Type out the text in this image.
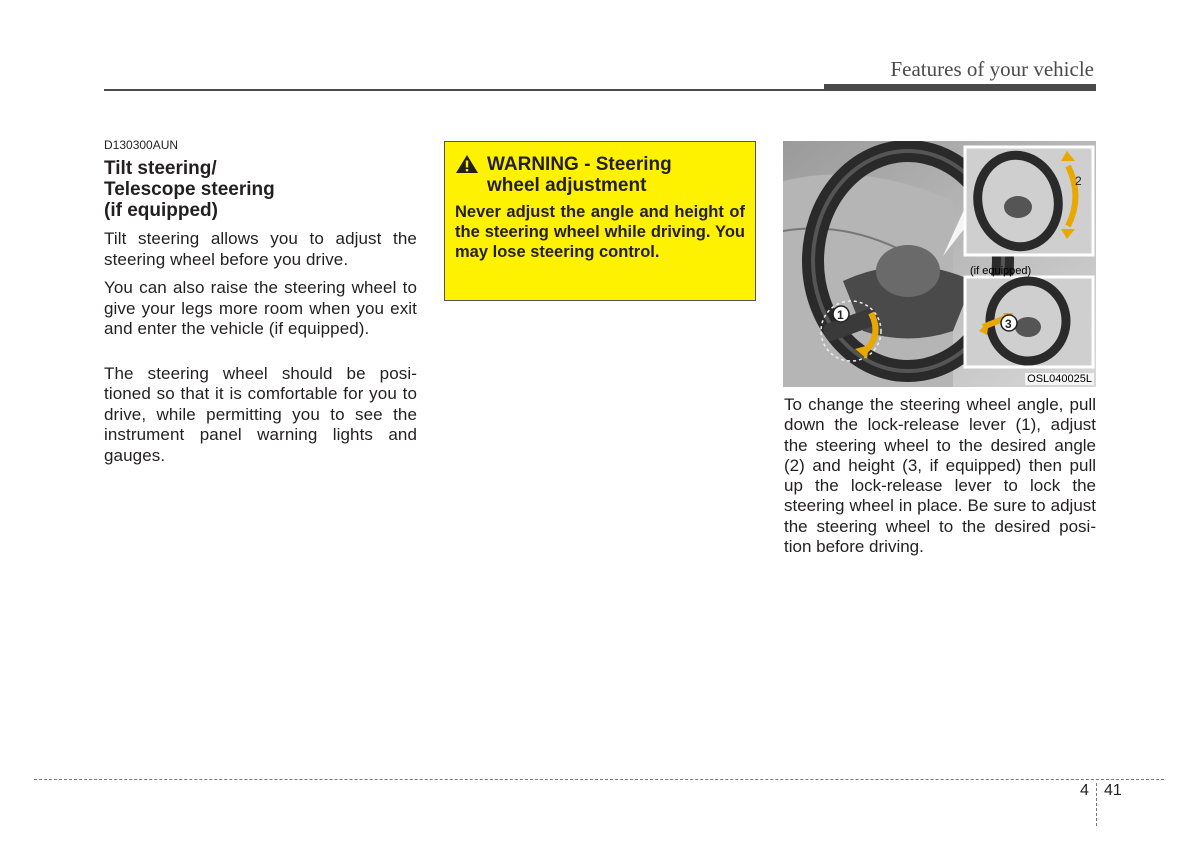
Features of your vehicle

D130300AUN

Tilt steering/
Telescope steering
(if equipped)

Tilt steering allows you to adjust the steering wheel before you drive.

You can also raise the steering wheel to give your legs more room when you exit and enter the vehicle (if equipped).

The steering wheel should be posi-tioned so that it is comfortable for you to drive, while permitting you to see the instrument panel warning lights and gauges.

WARNING - Steering
wheel adjustment

Never adjust the angle and height of the steering wheel while driving. You may lose steering control.

1
2
3
(if equipped)
OSL040025L

To change the steering wheel angle, pull down the lock-release lever (1), adjust the steering wheel to the desired angle (2) and height (3, if equipped) then pull up the lock-release lever to lock the steering wheel in place. Be sure to adjust the steering wheel to the desired posi-tion before driving.

4 41
